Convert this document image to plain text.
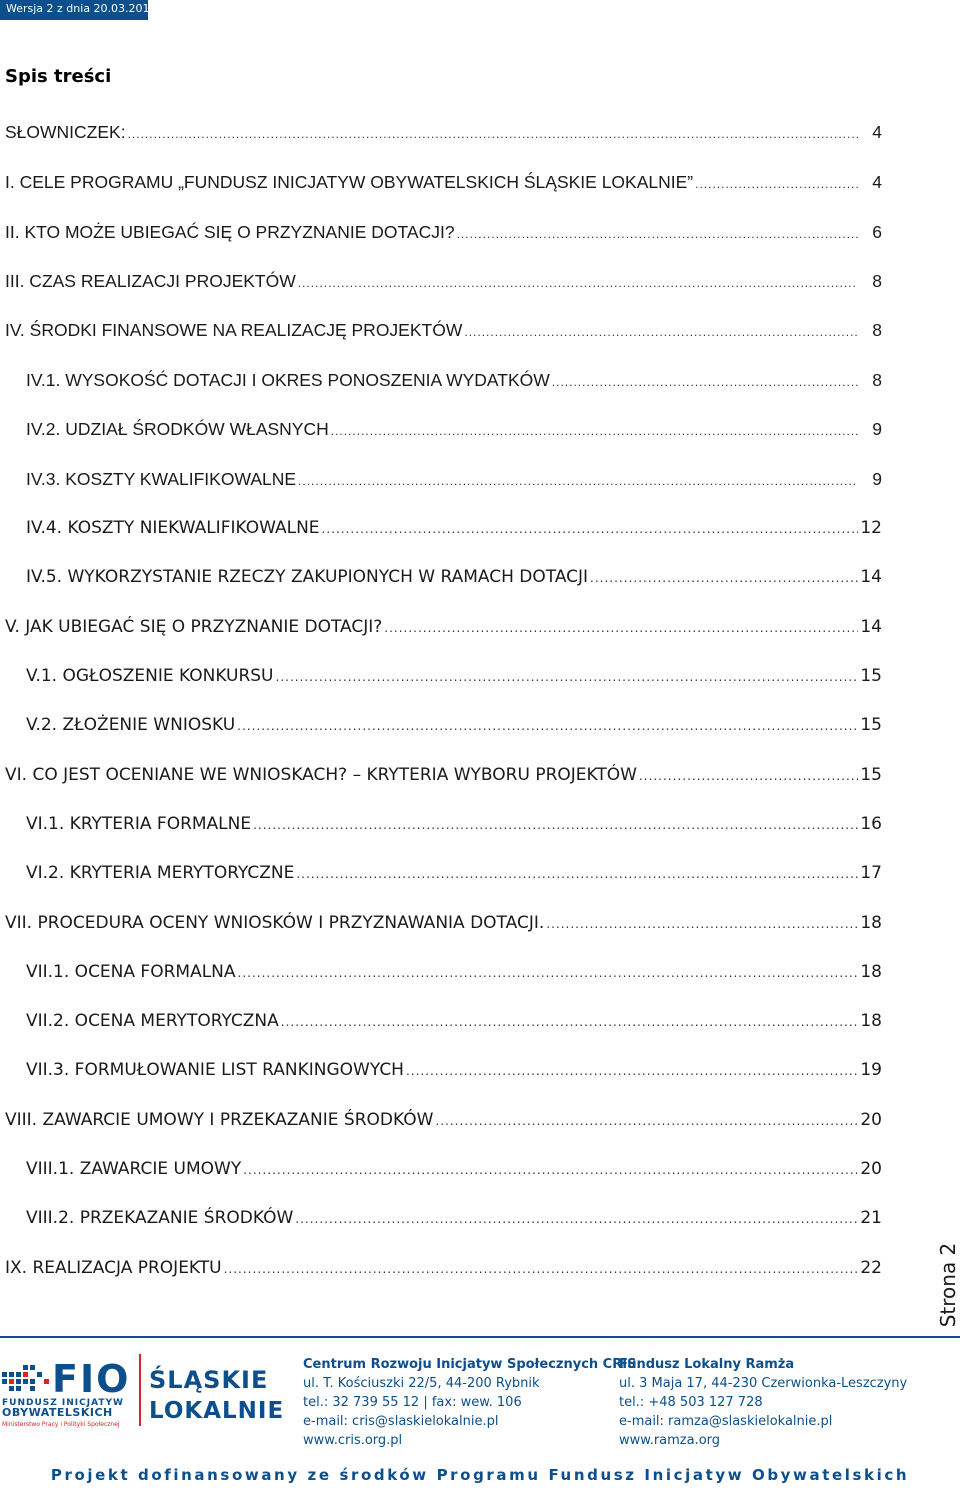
Wersja 2 z dnia 20.03.2015
Spis treści
SŁOWNICZEK: .....	4
I. CELE PROGRAMU „FUNDUSZ INICJATYW OBYWATELSKICH ŚLĄSKIE LOKALNIE” .....	4
II. KTO MOŻE UBIEGAĆ SIĘ O PRZYZNANIE DOTACJI? .....	6
III. CZAS REALIZACJI PROJEKTÓW .....	8
IV. ŚRODKI FINANSOWE NA REALIZACJĘ PROJEKTÓW .....	8
IV.1. WYSOKOŚĆ DOTACJI I OKRES PONOSZENIA WYDATKÓW .....	8
IV.2. UDZIAŁ ŚRODKÓW WŁASNYCH .....	9
IV.3. KOSZTY KWALIFIKOWALNE .....	9
IV.4. KOSZTY NIEKWALIFIKOWALNE .....	12
IV.5. WYKORZYSTANIE RZECZY ZAKUPIONYCH W RAMACH DOTACJI .....	14
V. JAK UBIEGAĆ SIĘ O PRZYZNANIE DOTACJI? .....	14
V.1. OGŁOSZENIE KONKURSU .....	15
V.2. ZŁOŻENIE WNIOSKU .....	15
VI. CO JEST OCENIANE WE WNIOSKACH? – KRYTERIA WYBORU PROJEKTÓW .....	15
VI.1. KRYTERIA FORMALNE .....	16
VI.2. KRYTERIA MERYTORYCZNE .....	17
VII. PROCEDURA OCENY WNIOSKÓW I PRZYZNAWANIA DOTACJI. .....	18
VII.1. OCENA FORMALNA .....	18
VII.2. OCENA MERYTORYCZNA .....	18
VII.3. FORMUŁOWANIE LIST RANKINGOWYCH .....	19
VIII. ZAWARCIE UMOWY I PRZEKAZANIE ŚRODKÓW .....	20
VIII.1. ZAWARCIE UMOWY .....	20
VIII.2. PRZEKAZANIE ŚRODKÓW .....	21
IX. REALIZACJA PROJEKTU .....	22	Strona 2
FIO
FUNDUSZ INICJATYW
OBYWATELSKICH
Ministerstwo Pracy i Polityki Społecznej
ŚLĄSKIE
LOKALNIE
Centrum Rozwoju Inicjatyw Społecznych CRIS
ul. T. Kościuszki 22/5, 44-200 Rybnik
tel.: 32 739 55 12 | fax: wew. 106
e-mail: cris@slaskielokalnie.pl
www.cris.org.pl
Fundusz Lokalny Ramża
ul. 3 Maja 17, 44-230 Czerwionka-Leszczyny
tel.: +48 503 127 728
e-mail: ramza@slaskielokalnie.pl
www.ramza.org
Projekt dofinansowany ze środków Programu Fundusz Inicjatyw Obywatelskich
